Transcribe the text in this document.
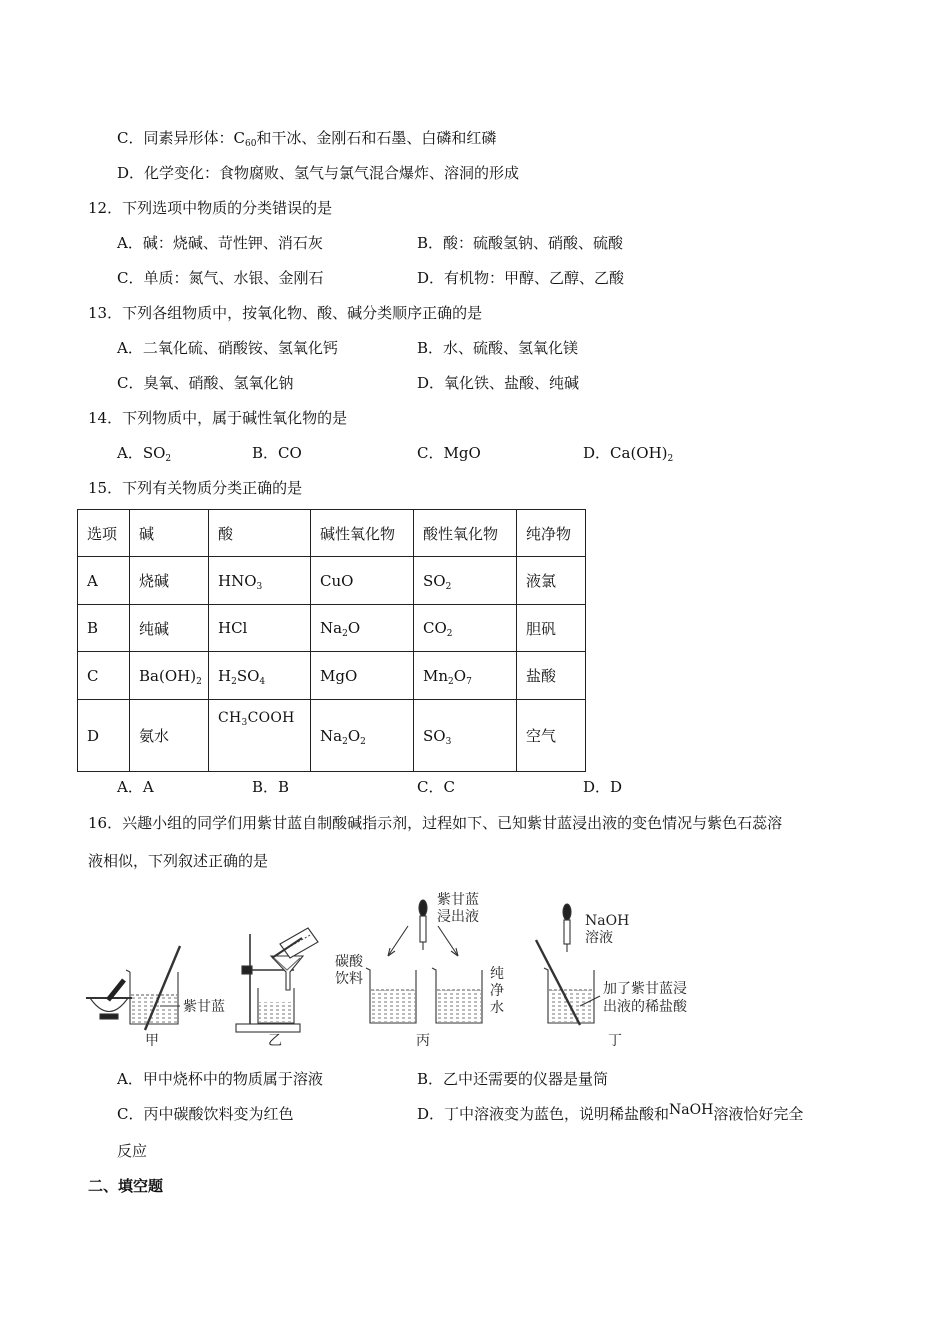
C．同素异形体：$C_{60}$和干冰、金刚石和石墨、白磷和红磷
D．化学变化：食物腐败、氢气与氯气混合爆炸、溶洞的形成
12．下列选项中物质的分类错误的是
A．碱：烧碱、苛性钾、消石灰	B．酸：硫酸氢钠、硝酸、硫酸
C．单质：氮气、水银、金刚石	D．有机物：甲醇、乙醇、乙酸
13．下列各组物质中，按氧化物、酸、碱分类顺序正确的是
A．二氧化硫、硝酸铵、氢氧化钙	B．水、硫酸、氢氧化镁
C．臭氧、硝酸、氢氧化钠	D．氧化铁、盐酸、纯碱
14．下列物质中，属于碱性氧化物的是
A．$SO_2$	B．CO	C．MgO	D．$Ca(OH)_2$
15．下列有关物质分类正确的是
选项	碱	酸	碱性氧化物	酸性氧化物	纯净物
A	烧碱	$HNO_3$	CuO	$SO_2$	液氯
B	纯碱	HCl	$Na_2O$	$CO_2$	胆矾
C	$Ba(OH)_2$	$H_2SO_4$	MgO	$Mn_2O_7$	盐酸
D	氨水	$CH_3COOH$	$Na_2O_2$	$SO_3$	空气
A．A	B．B	C．C	D．D
16．兴趣小组的同学们用紫甘蓝自制酸碱指示剂，过程如下、已知紫甘蓝浸出液的变色情况与紫色石蕊溶
液相似，下列叙述正确的是
紫甘蓝
甲	乙
紫甘蓝
浸出液
碳酸
饮料	纯
净
水
丙
NaOH
溶液
加了紫甘蓝浸
出液的稀盐酸
丁
A．甲中烧杯中的物质属于溶液	B．乙中还需要的仪器是量筒
C．丙中碳酸饮料变为红色	D．丁中溶液变为蓝色，说明稀盐酸和NaOH溶液恰好完全
反应
二、填空题
